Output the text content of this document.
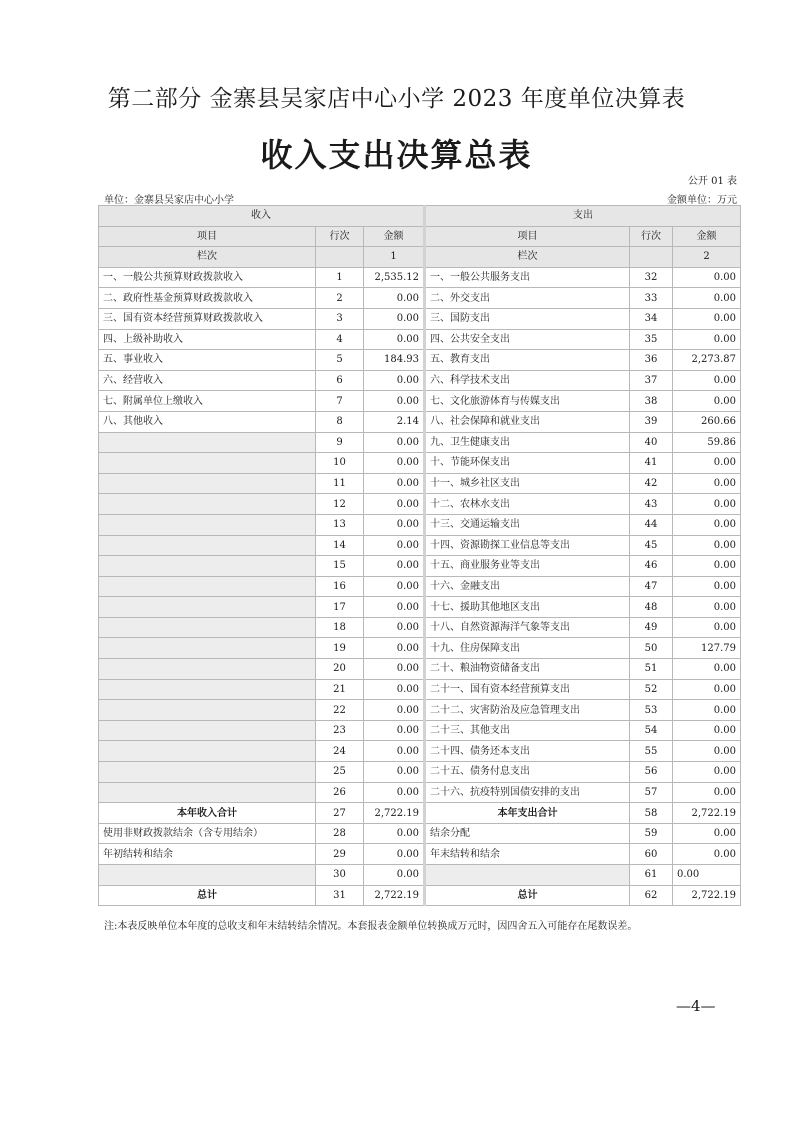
第二部分 金寨县吴家店中心小学 2023 年度单位决算表
收入支出决算总表
公开 01 表
单位：金寨县吴家店中心小学	金额单位：万元
收入			支出		
项目	行次	金额	项目	行次	金额
栏次		1	栏次		2
一、一般公共预算财政拨款收入	1	2,535.12	一、一般公共服务支出	32	0.00
二、政府性基金预算财政拨款收入	2	0.00	二、外交支出	33	0.00
三、国有资本经营预算财政拨款收入	3	0.00	三、国防支出	34	0.00
四、上级补助收入	4	0.00	四、公共安全支出	35	0.00
五、事业收入	5	184.93	五、教育支出	36	2,273.87
六、经营收入	6	0.00	六、科学技术支出	37	0.00
七、附属单位上缴收入	7	0.00	七、文化旅游体育与传媒支出	38	0.00
八、其他收入	8	2.14	八、社会保障和就业支出	39	260.66
	9	0.00	九、卫生健康支出	40	59.86
	10	0.00	十、节能环保支出	41	0.00
	11	0.00	十一、城乡社区支出	42	0.00
	12	0.00	十二、农林水支出	43	0.00
	13	0.00	十三、交通运输支出	44	0.00
	14	0.00	十四、资源勘探工业信息等支出	45	0.00
	15	0.00	十五、商业服务业等支出	46	0.00
	16	0.00	十六、金融支出	47	0.00
	17	0.00	十七、援助其他地区支出	48	0.00
	18	0.00	十八、自然资源海洋气象等支出	49	0.00
	19	0.00	十九、住房保障支出	50	127.79
	20	0.00	二十、粮油物资储备支出	51	0.00
	21	0.00	二十一、国有资本经营预算支出	52	0.00
	22	0.00	二十二、灾害防治及应急管理支出	53	0.00
	23	0.00	二十三、其他支出	54	0.00
	24	0.00	二十四、债务还本支出	55	0.00
	25	0.00	二十五、债务付息支出	56	0.00
	26	0.00	二十六、抗疫特别国债安排的支出	57	0.00
本年收入合计	27	2,722.19	本年支出合计	58	2,722.19
使用非财政拨款结余（含专用结余）	28	0.00	结余分配	59	0.00
年初结转和结余	29	0.00	年末结转和结余	60	0.00
	30	0.00		61	0.00
总计	31	2,722.19	总计	62	2,722.19
注:本表反映单位本年度的总收支和年末结转结余情况。本套报表金额单位转换成万元时，因四舍五入可能存在尾数误差。
—4—
